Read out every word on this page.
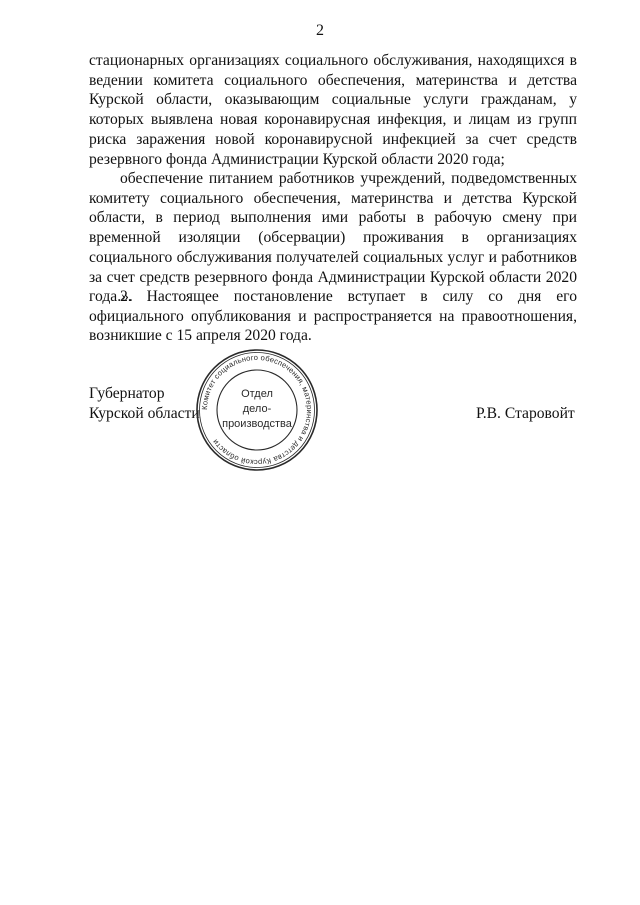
2

стационарных организациях социального обслуживания, находящихся в ведении комитета социального обеспечения, материнства и детства Курской области, оказывающим социальные услуги гражданам, у которых выявлена новая коронавирусная инфекция, и лицам из групп риска заражения новой коронавирусной инфекцией за счет средств резервного фонда Администрации Курской области 2020 года;

обеспечение питанием работников учреждений, подведомственных комитету социального обеспечения, материнства и детства Курской области, в период выполнения ими работы в рабочую смену при временной изоляции (обсервации) проживания в организациях социального обслуживания получателей социальных услуг и работников за счет средств резервного фонда Администрации Курской области 2020 года.».

2. Настоящее постановление вступает в силу со дня его официального опубликования и распространяется на правоотношения, возникшие с 15 апреля 2020 года.

Губернатор
Курской области	Р.В. Старовойт
Комитет социального обеспечения, материнства и детства Курской области
Отдел
дело-
производства
